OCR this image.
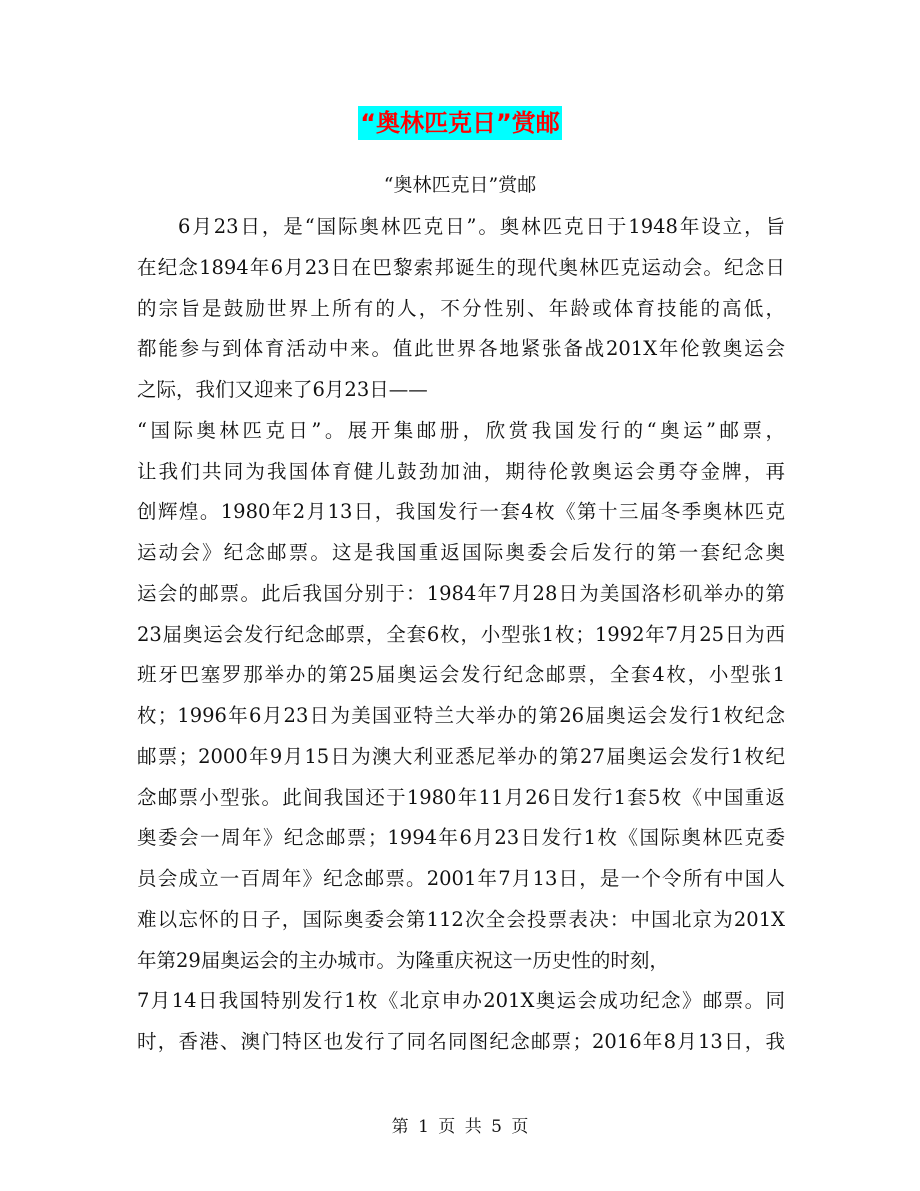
“奥林匹克日”赏邮
“奥林匹克日”赏邮
6月23日，是“国际奥林匹克日”。奥林匹克日于1948年设立，旨
在纪念1894年6月23日在巴黎索邦诞生的现代奥林匹克运动会。纪念日
的宗旨是鼓励世界上所有的人，不分性别、年龄或体育技能的高低，
都能参与到体育活动中来。值此世界各地紧张备战201X年伦敦奥运会
之际，我们又迎来了6月23日——
“国际奥林匹克日”。展开集邮册，欣赏我国发行的“奥运”邮票，
让我们共同为我国体育健儿鼓劲加油，期待伦敦奥运会勇夺金牌，再
创辉煌。1980年2月13日，我国发行一套4枚《第十三届冬季奥林匹克
运动会》纪念邮票。这是我国重返国际奥委会后发行的第一套纪念奥
运会的邮票。此后我国分别于：1984年7月28日为美国洛杉矶举办的第
23届奥运会发行纪念邮票，全套6枚，小型张1枚；1992年7月25日为西
班牙巴塞罗那举办的第25届奥运会发行纪念邮票，全套4枚，小型张1
枚；1996年6月23日为美国亚特兰大举办的第26届奥运会发行1枚纪念
邮票；2000年9月15日为澳大利亚悉尼举办的第27届奥运会发行1枚纪
念邮票小型张。此间我国还于1980年11月26日发行1套5枚《中国重返
奥委会一周年》纪念邮票；1994年6月23日发行1枚《国际奥林匹克委
员会成立一百周年》纪念邮票。2001年7月13日，是一个令所有中国人
难以忘怀的日子，国际奥委会第112次全会投票表决：中国北京为201X
年第29届奥运会的主办城市。为隆重庆祝这一历史性的时刻，
7月14日我国特别发行1枚《北京申办201X奥运会成功纪念》邮票。同
时，香港、澳门特区也发行了同名同图纪念邮票；2016年8月13日，我
第 1 页 共 5 页
